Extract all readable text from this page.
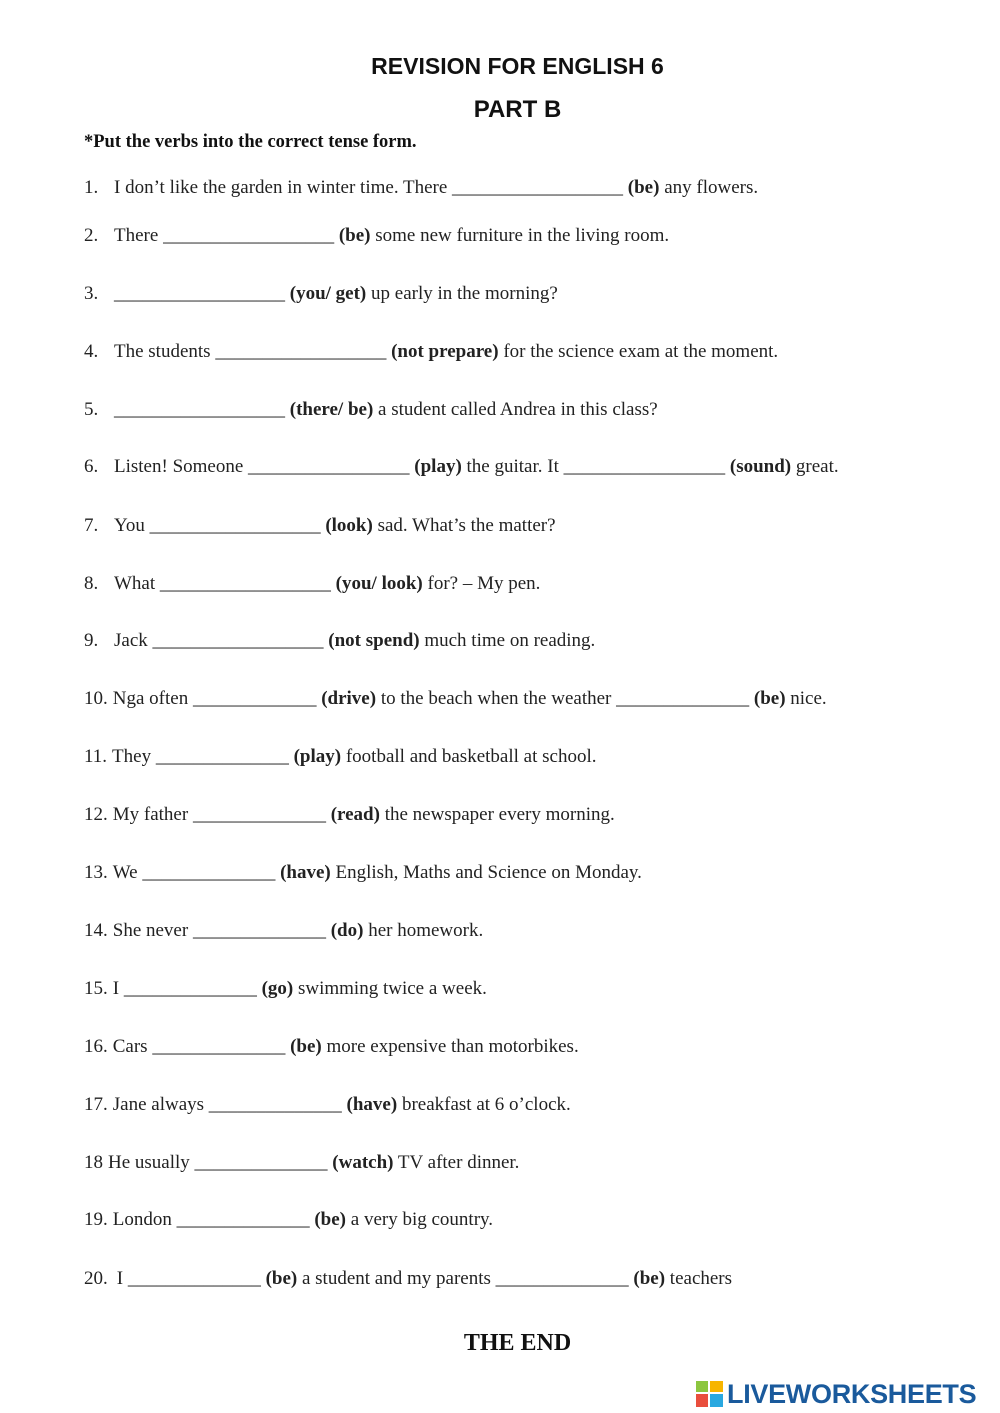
REVISION FOR ENGLISH 6
PART B
*Put the verbs into the correct tense form.
1. I don’t like the garden in winter time. There __________________ (be) any flowers.
2. There __________________ (be) some new furniture in the living room.
3. __________________ (you/ get) up early in the morning?
4. The students __________________ (not prepare) for the science exam at the moment.
5. __________________ (there/ be) a student called Andrea in this class?
6. Listen! Someone _________________ (play) the guitar. It _________________ (sound) great.
7. You __________________ (look) sad. What’s the matter?
8. What __________________ (you/ look) for? – My pen.
9. Jack __________________ (not spend) much time on reading.
10. Nga often _____________ (drive) to the beach when the weather ______________ (be) nice.
11. They ______________ (play) football and basketball at school.
12. My father ______________ (read) the newspaper every morning.
13. We ______________ (have) English, Maths and Science on Monday.
14. She never ______________ (do) her homework.
15. I ______________ (go) swimming twice a week.
16. Cars ______________ (be) more expensive than motorbikes.
17. Jane always ______________ (have) breakfast at 6 o’clock.
18 He usually ______________ (watch) TV after dinner.
19. London ______________ (be) a very big country.
20. I ______________ (be) a student and my parents ______________ (be) teachers
THE END
LIVEWORKSHEETS
